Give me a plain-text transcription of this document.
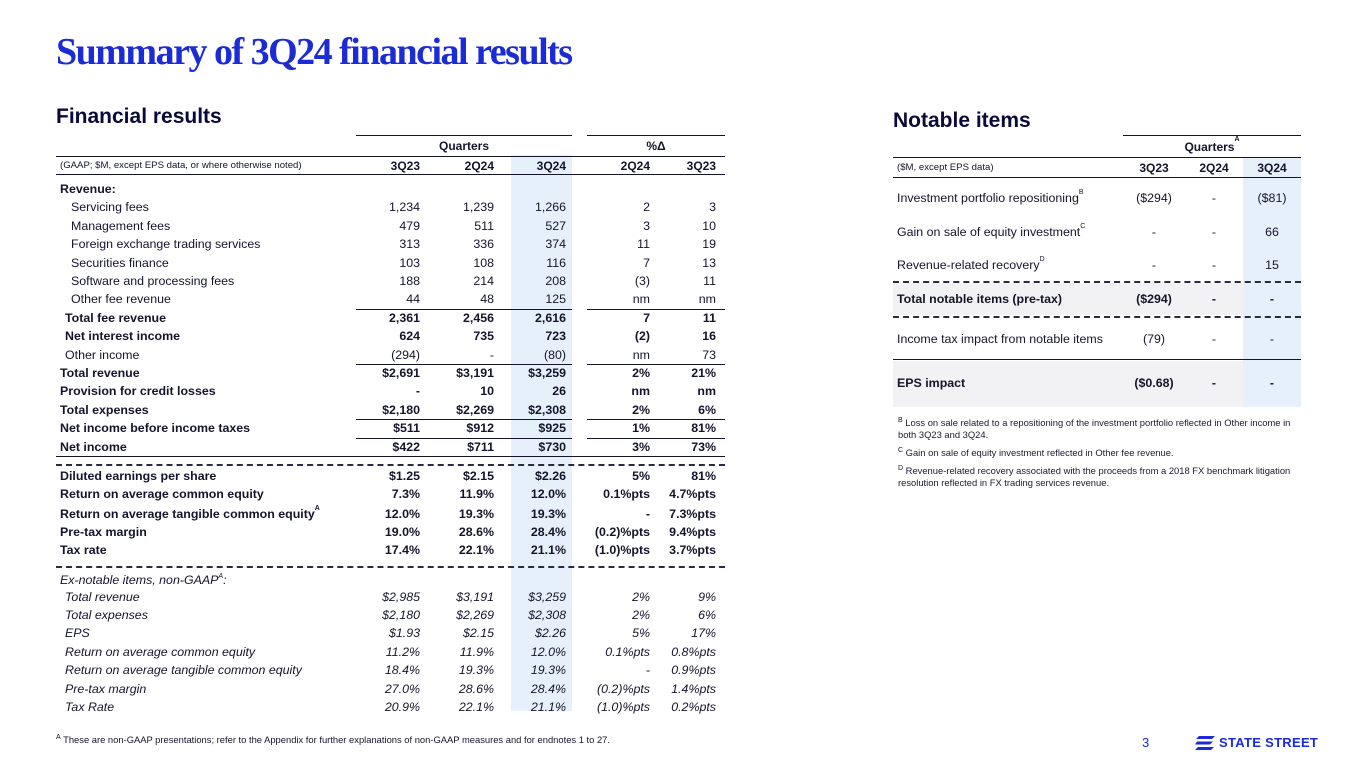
Summary of 3Q24 financial results
Financial results	Notable items
Quarters	%Δ
(GAAP; $M, except EPS data, or where otherwise noted)	3Q23	2Q24	3Q24	2Q24	3Q23
Revenue:
Servicing fees	1,234	1,239	1,266	2	3
Management fees	479	511	527	3	10
Foreign exchange trading services	313	336	374	11	19
Securities finance	103	108	116	7	13
Software and processing fees	188	214	208	(3)	11
Other fee revenue	44	48	125	nm	nm
Total fee revenue	2,361	2,456	2,616	7	11
Net interest income	624	735	723	(2)	16
Other income	(294)	-	(80)	nm	73
Total revenue	$2,691	$3,191	$3,259	2%	21%
Provision for credit losses	-	10	26	nm	nm
Total expenses	$2,180	$2,269	$2,308	2%	6%
Net income before income taxes	$511	$912	$925	1%	81%
Net income	$422	$711	$730	3%	73%
Diluted earnings per share	$1.25	$2.15	$2.26	5%	81%
Return on average common equity	7.3%	11.9%	12.0%	0.1%pts	4.7%pts
Return on average tangible common equity$^A$	12.0%	19.3%	19.3%	-	7.3%pts
Pre-tax margin	19.0%	28.6%	28.4%	(0.2)%pts	9.4%pts
Tax rate	17.4%	22.1%	21.1%	(1.0)%pts	3.7%pts
Ex-notable items, non-$GAAP^A$:
Total revenue	$2,985	$3,191	$3,259	2%	9%
Total expenses	$2,180	$2,269	$2,308	2%	6%
EPS	$1.93	$2.15	$2.26	5%	17%
Return on average common equity	11.2%	11.9%	12.0%	0.1%pts	0.8%pts
Return on average tangible common equity	18.4%	19.3%	19.3%	-	0.9%pts
Pre-tax margin	27.0%	28.6%	28.4%	(0.2)%pts	1.4%pts
Tax Rate	20.9%	22.1%	21.1%	(1.0)%pts	0.2%pts
Quarters$^A$
($M, except EPS data)	3Q23	2Q24	3Q24
Investment portfolio repositioning$^B$	($294)	-	($81)
Gain on sale of equity investment$^C$	-	-	66
Revenue-related recovery$^D$	-	-	15
Total notable items (pre-tax)	($294)	-	-
Income tax impact from notable items	(79)	-	-
EPS impact	($0.68)	-	-

$^B$ Loss on sale related to a repositioning of the investment portfolio reflected in Other income in both 3Q23 and 3Q24.

$^C$ Gain on sale of equity investment reflected in Other fee revenue.

$^D$ Revenue-related recovery associated with the proceeds from a 2018 FX benchmark litigation resolution reflected in FX trading services revenue.

$^A$ These are non-GAAP presentations; refer to the Appendix for further explanations of non-GAAP measures and for endnotes 1 to 27.	3	STATE STREET
